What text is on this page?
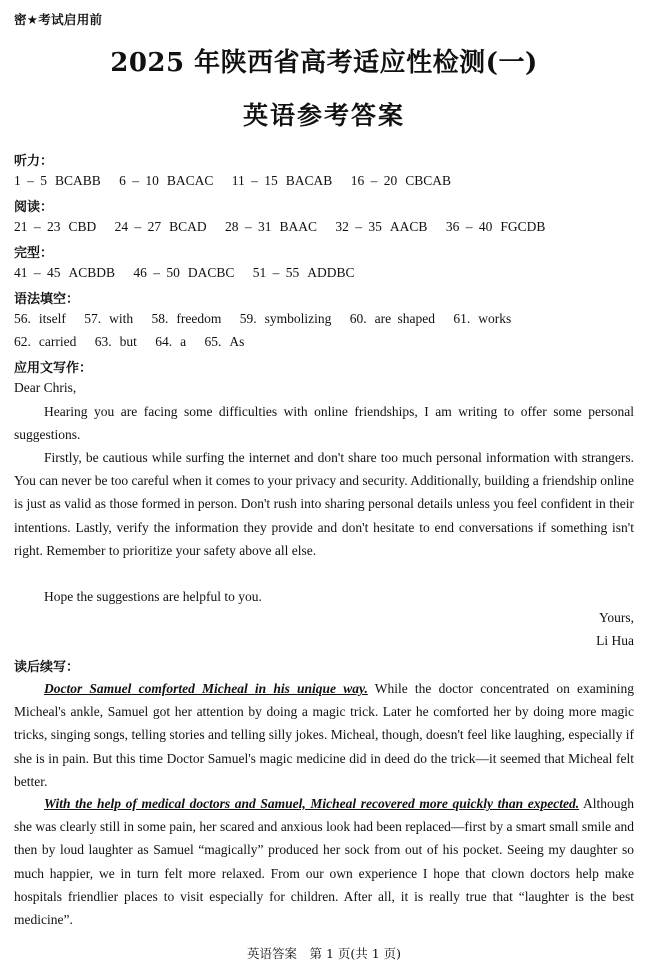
密★考试启用前
2025 年陕西省高考适应性检测(一)
英语参考答案
听力：
1 – 5 BCABB 6 – 10 BACAC 11 – 15 BACAB 16 – 20 CBCAB
阅读：
21 – 23 CBD 24 – 27 BCAD 28 – 31 BAAC 32 – 35 AACB 36 – 40 FGCDB
完型：
41 – 45 ACBDB 46 – 50 DACBC 51 – 55 ADDBC
语法填空：
56. itself 57. with 58. freedom 59. symbolizing 60. are shaped 61. works
62. carried 63. but 64. a 65. As
应用文写作：
Dear Chris,
Hearing you are facing some difficulties with online friendships, I am writing to offer some personal suggestions.
Firstly, be cautious while surfing the internet and don't share too much personal information with strangers. You can never be too careful when it comes to your privacy and security. Additionally, building a friendship online is just as valid as those formed in person. Don't rush into sharing personal details unless you feel confident in their intentions. Lastly, verify the information they provide and don't hesitate to end conversations if something isn't right. Remember to prioritize your safety above all else.
Hope the suggestions are helpful to you.
Yours,
Li Hua
读后续写：
Doctor Samuel comforted Micheal in his unique way. While the doctor concentrated on examining Micheal's ankle, Samuel got her attention by doing a magic trick. Later he comforted her by doing more magic tricks, singing songs, telling stories and telling silly jokes. Micheal, though, doesn't feel like laughing, especially if she is in pain. But this time Doctor Samuel's magic medicine did in deed do the trick—it seemed that Micheal felt better.
With the help of medical doctors and Samuel, Micheal recovered more quickly than expected. Although she was clearly still in some pain, her scared and anxious look had been replaced—first by a smart small smile and then by loud laughter as Samuel “magically” produced her sock from out of his pocket. Seeing my daughter so much happier, we in turn felt more relaxed. From our own experience I hope that clown doctors help make hospitals friendlier places to visit especially for children. After all, it is really true that “laughter is the best medicine”.
英语答案　第 1 页(共 1 页)
